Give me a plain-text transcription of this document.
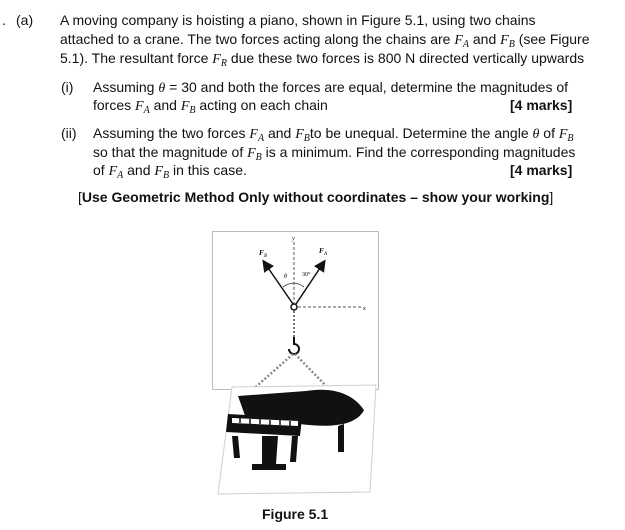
. (a) A moving company is hoisting a piano, shown in Figure 5.1, using two chains
attached to a crane. The two forces acting along the chains are $F_A$ and $F_B$ (see Figure
5.1). The resultant force $F_R$ due these two forces is 800 N directed vertically upwards
(i) Assuming θ = 30 and both the forces are equal, determine the magnitudes of
forces $F_A$ and $F_B$ acting on each chain	[4 marks]
(ii) Assuming the two forces $F_A$ and $F_Bto$ be unequal. Determine the angle θ of $F_B$
so that the magnitude of $F_B$ is a minimum. Find the corresponding magnitudes
of $F_A$ and $F_B$ in this case.	[4 marks]
[Use Geometric Method Only without coordinates – show your working]
F B
F A
y
x
θ	30°
Figure 5.1
